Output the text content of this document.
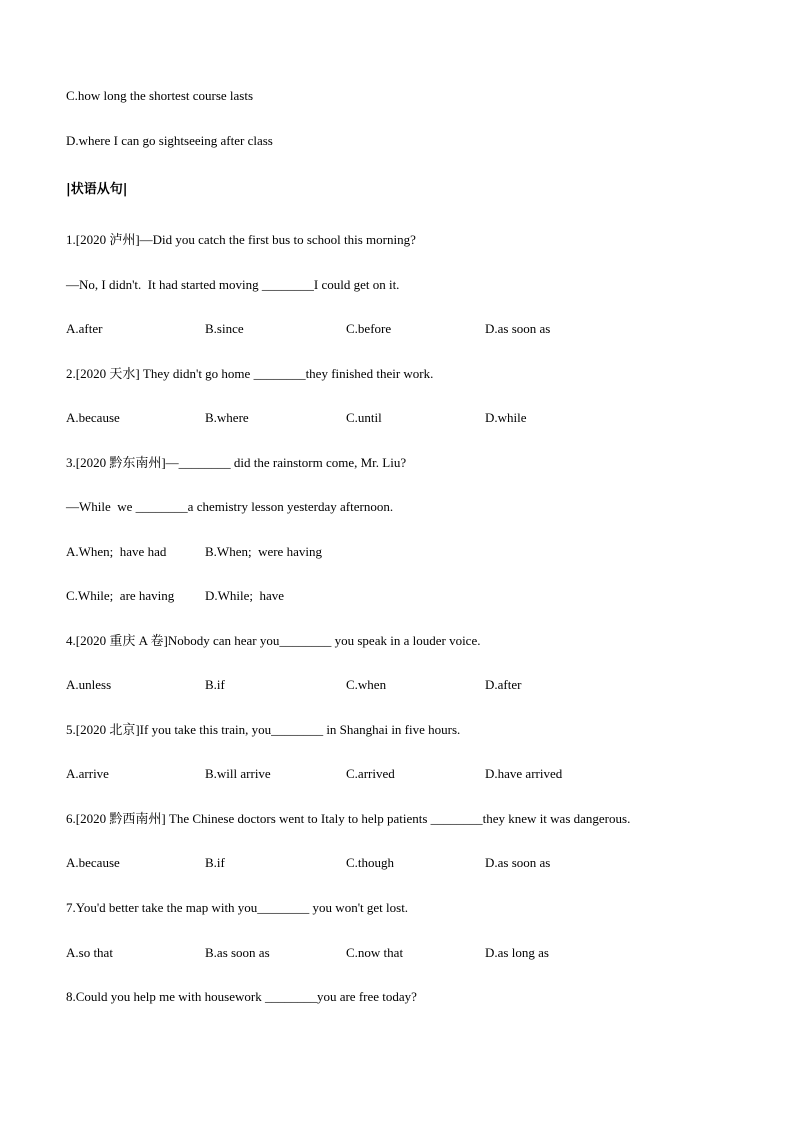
C.how long the shortest course lasts
D.where I can go sightseeing after class
|状语从句|
1.[2020 泸州]—Did you catch the first bus to school this morning?
—No, I didn't.  It had started moving ________I could get on it.

A.after

	B.since

	C.before

	D.as soon as

2.[2020 天水] They didn't go home ________they finished their work.

A.because

	B.where

	C.until

	D.while

3.[2020 黔东南州]—________ did the rainstorm come, Mr. Liu?
—While  we ________a chemistry lesson yesterday afternoon.

A.When;  have had

	B.When;  were having

C.While;  are having

D.While;  have

4.[2020 重庆 A 卷]Nobody can hear you________ you speak in a louder voice.

A.unless

	B.if

	C.when

	D.after

5.[2020 北京]If you take this train, you________ in Shanghai in five hours.

A.arrive

	B.will arrive

	C.arrived

	D.have arrived

6.[2020 黔西南州] The Chinese doctors went to Italy to help patients ________they knew it was dangerous.

A.because

	B.if

	C.though

	D.as soon as

7.You'd better take the map with you________ you won't get lost.

A.so that

	B.as soon as

	C.now that

	D.as long as

8.Could you help me with housework ________you are free today?
